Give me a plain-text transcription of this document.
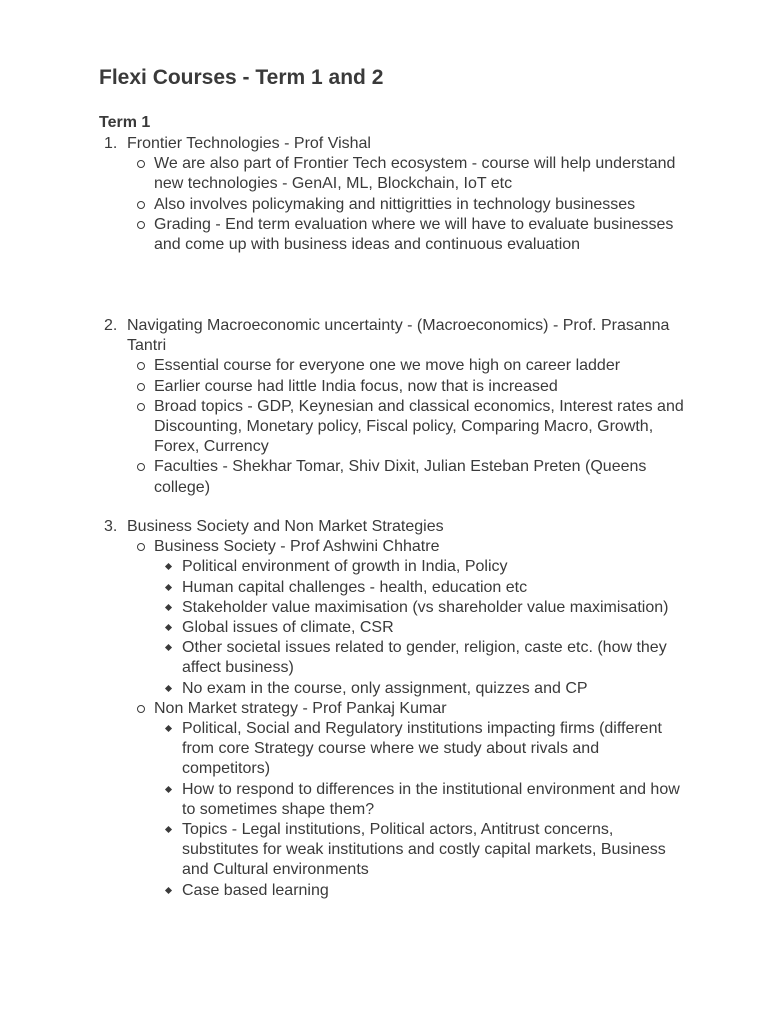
Flexi Courses - Term 1 and 2
Term 1
1. Frontier Technologies - Prof Vishal
We are also part of Frontier Tech ecosystem - course will help understand new technologies - GenAI, ML, Blockchain, IoT etc
Also involves policymaking and nittigritties in technology businesses
Grading - End term evaluation where we will have to evaluate businesses and come up with business ideas and continuous evaluation
2. Navigating Macroeconomic uncertainty - (Macroeconomics) - Prof. Prasanna Tantri
Essential course for everyone one we move high on career ladder
Earlier course had little India focus, now that is increased
Broad topics - GDP, Keynesian and classical economics, Interest rates and Discounting, Monetary policy, Fiscal policy, Comparing Macro, Growth, Forex, Currency
Faculties - Shekhar Tomar, Shiv Dixit, Julian Esteban Preten (Queens college)
3. Business Society and Non Market Strategies
Business Society - Prof Ashwini Chhatre
Political environment of growth in India, Policy
Human capital challenges - health, education etc
Stakeholder value maximisation (vs shareholder value maximisation)
Global issues of climate, CSR
Other societal issues related to gender, religion, caste etc. (how they affect business)
No exam in the course, only assignment, quizzes and CP
Non Market strategy - Prof Pankaj Kumar
Political, Social and Regulatory institutions impacting firms (different from core Strategy course where we study about rivals and competitors)
How to respond to differences in the institutional environment and how to sometimes shape them?
Topics - Legal institutions, Political actors, Antitrust concerns, substitutes for weak institutions and costly capital markets, Business and Cultural environments
Case based learning
